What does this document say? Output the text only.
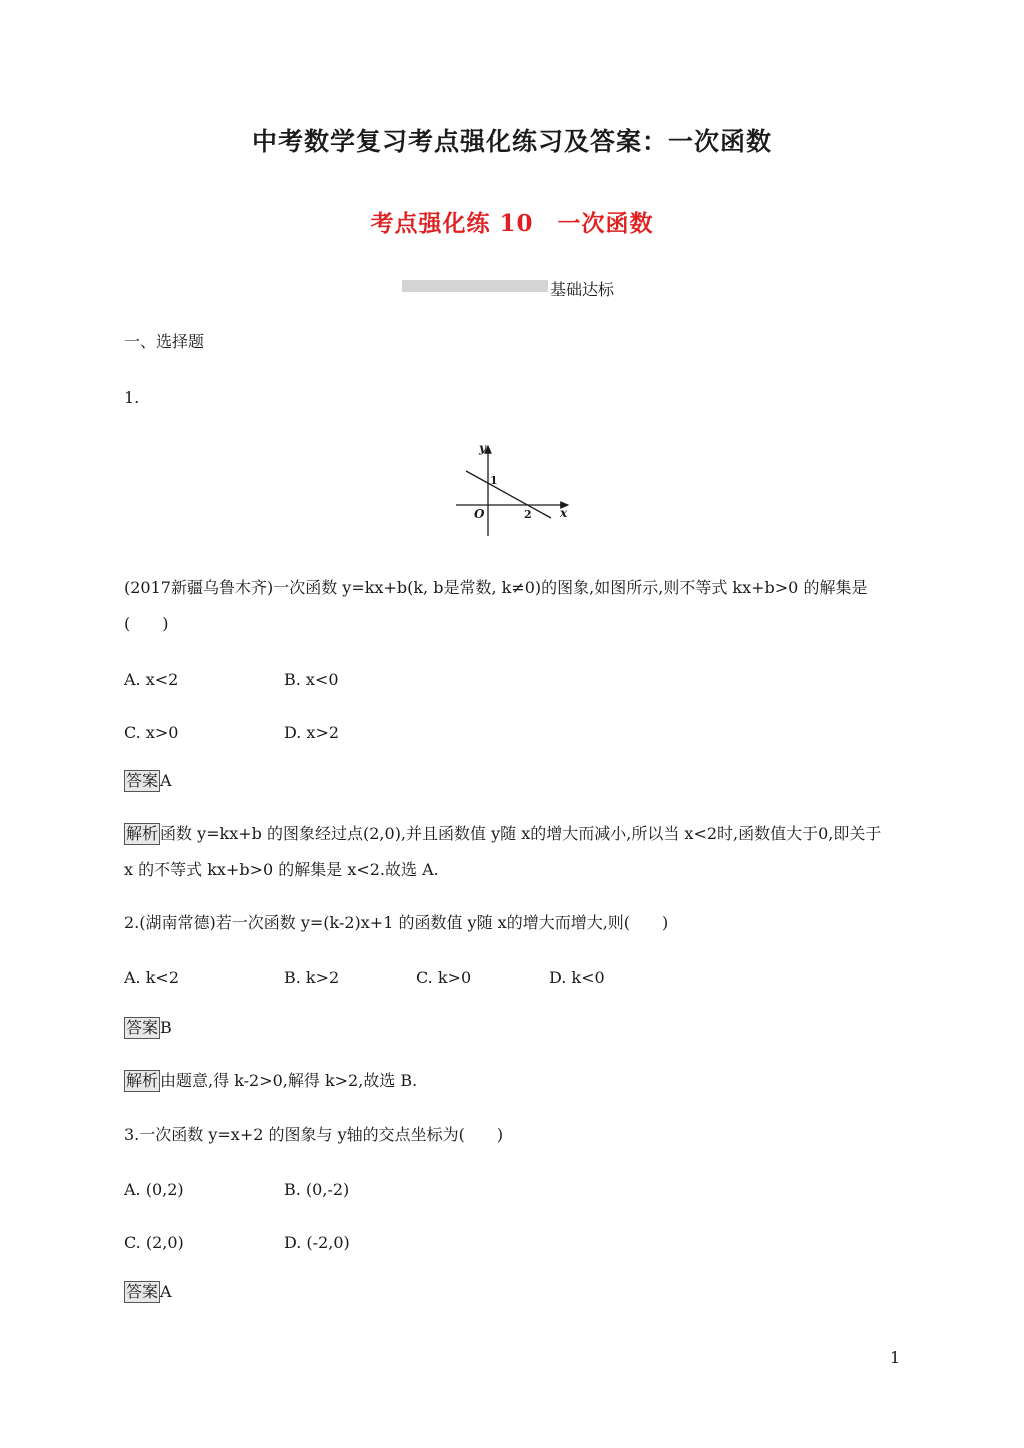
中考数学复习考点强化练习及答案：一次函数
考点强化练 10　一次函数
基础达标
一、选择题
1.
y
x
O
1
2
(2017新疆乌鲁木齐)一次函数 y=kx+b(k, b是常数, k≠0)的图象,如图所示,则不等式 kx+b>0 的解集是(　　)
A. x<2	B. x<0
C. x>0	D. x>2
答案 A
解析 函数 y=kx+b 的图象经过点(2,0),并且函数值 y随 x的增大而减小,所以当 x<2时,函数值大于0,即关于 x 的不等式 kx+b>0 的解集是 x<2.故选 A.
2.(湖南常德)若一次函数 y=(k-2)x+1 的函数值 y随 x的增大而增大,则(　　)
A. k<2	B. k>2	C. k>0	D. k<0
答案 B
解析 由题意,得 k-2>0,解得 k>2,故选 B.
3.一次函数 y=x+2 的图象与 y轴的交点坐标为(　　)
A. (0,2)	B. (0,-2)
C. (2,0)	D. (-2,0)
答案 A
1
